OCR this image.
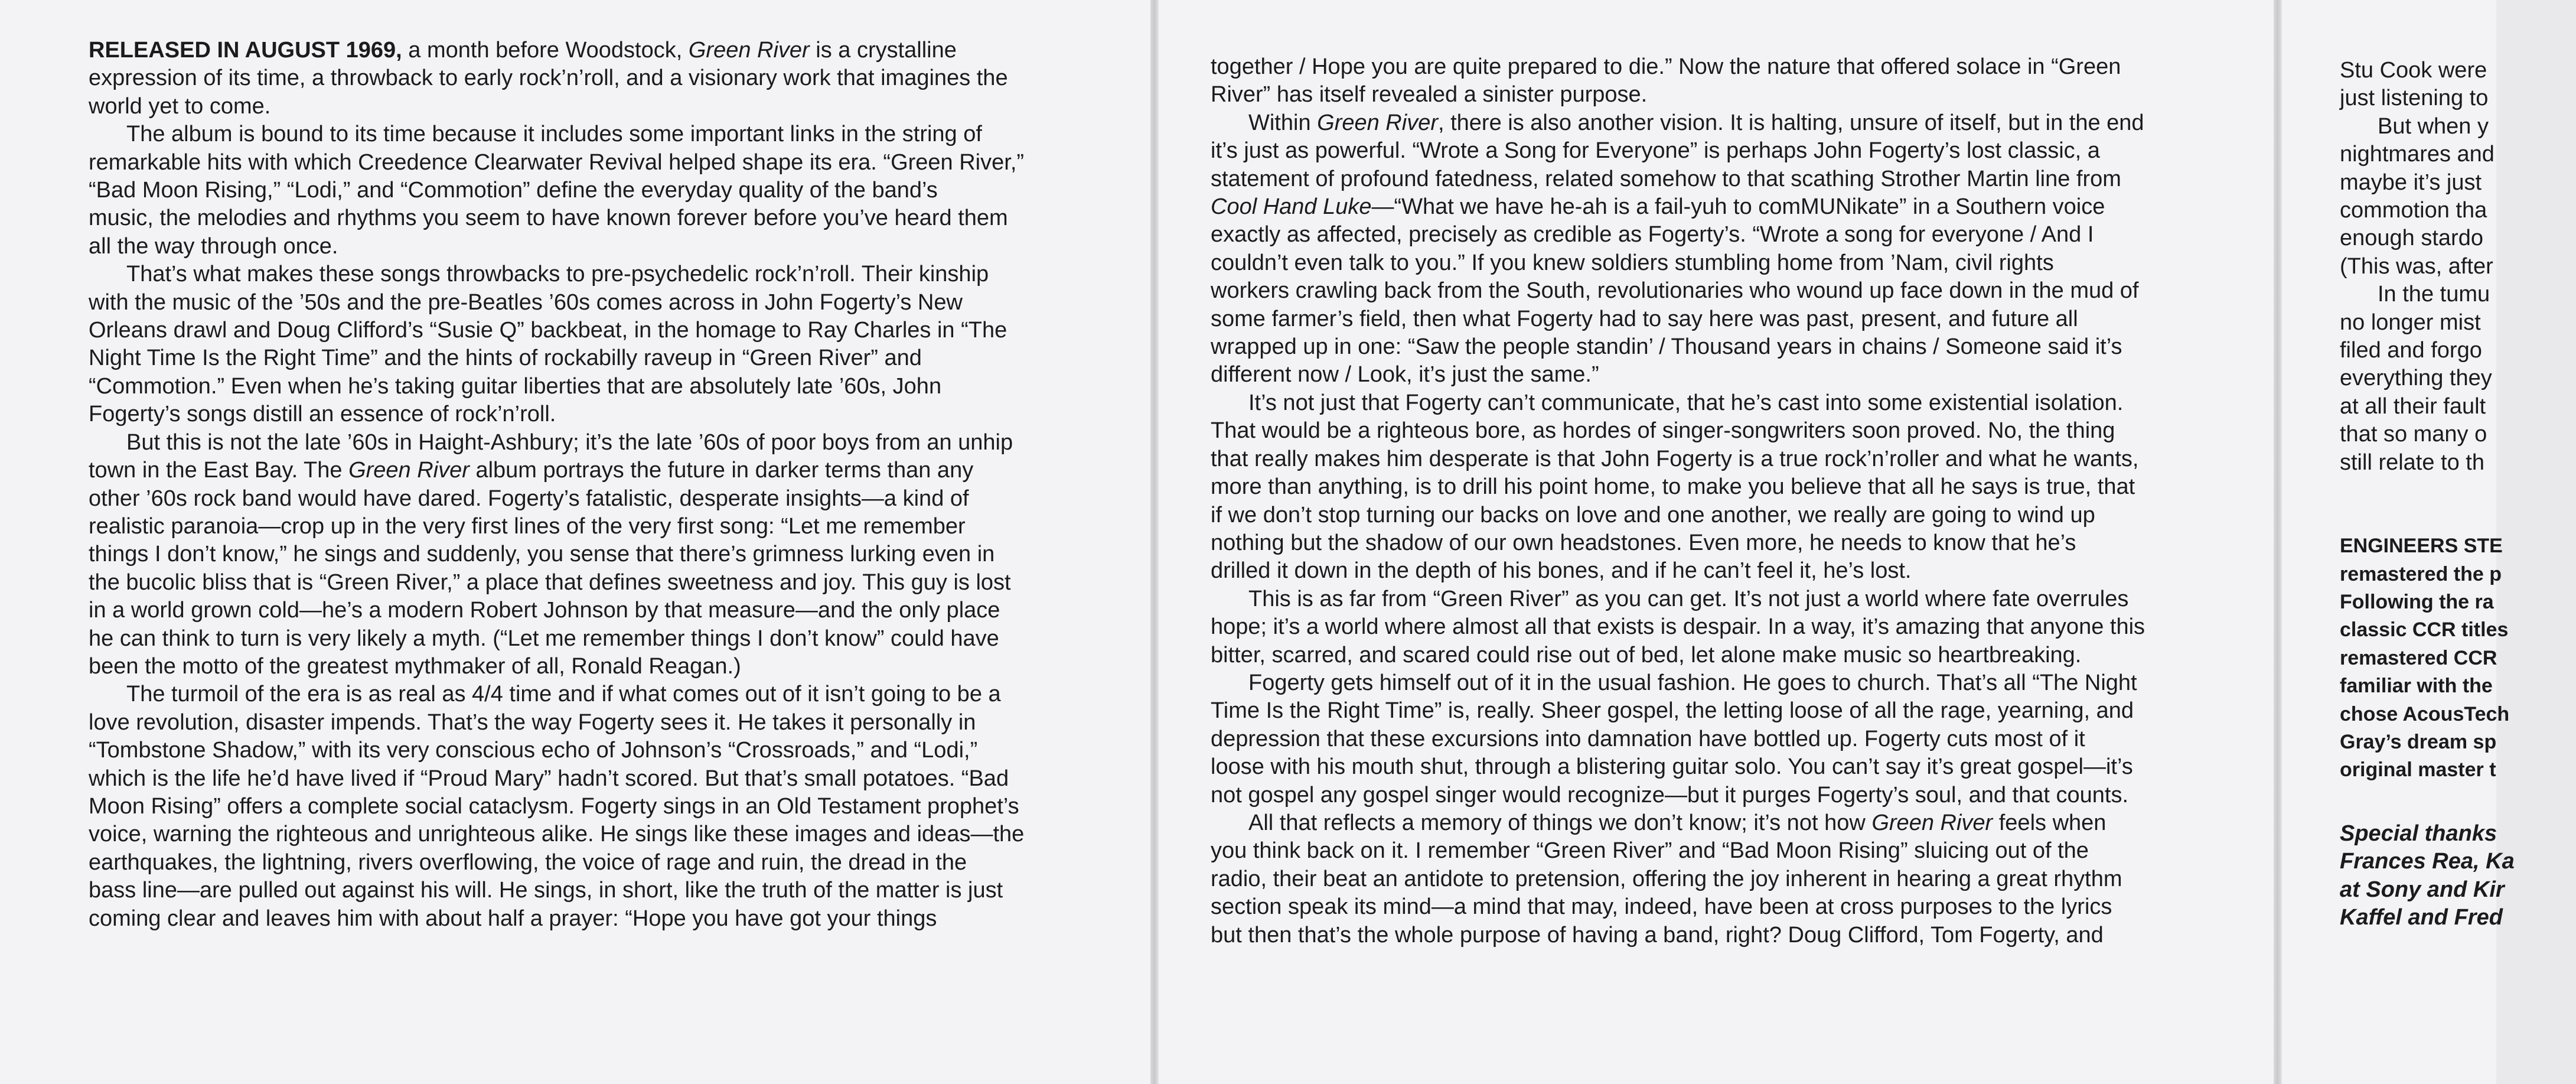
RELEASED IN AUGUST 1969, a month before Woodstock, Green River is a crystalline
expression of its time, a throwback to early rock’n’roll, and a visionary work that imagines the
world yet to come.
The album is bound to its time because it includes some important links in the string of
remarkable hits with which Creedence Clearwater Revival helped shape its era. “Green River,”
“Bad Moon Rising,” “Lodi,” and “Commotion” define the everyday quality of the band’s
music, the melodies and rhythms you seem to have known forever before you’ve heard them
all the way through once.
That’s what makes these songs throwbacks to pre-psychedelic rock’n’roll. Their kinship
with the music of the ’50s and the pre-Beatles ’60s comes across in John Fogerty’s New
Orleans drawl and Doug Clifford’s “Susie Q” backbeat, in the homage to Ray Charles in “The
Night Time Is the Right Time” and the hints of rockabilly raveup in “Green River” and
“Commotion.” Even when he’s taking guitar liberties that are absolutely late ’60s, John
Fogerty’s songs distill an essence of rock’n’roll.
But this is not the late ’60s in Haight-Ashbury; it’s the late ’60s of poor boys from an unhip
town in the East Bay. The Green River album portrays the future in darker terms than any
other ’60s rock band would have dared. Fogerty’s fatalistic, desperate insights—a kind of
realistic paranoia—crop up in the very first lines of the very first song: “Let me remember
things I don’t know,” he sings and suddenly, you sense that there’s grimness lurking even in
the bucolic bliss that is “Green River,” a place that defines sweetness and joy. This guy is lost
in a world grown cold—he’s a modern Robert Johnson by that measure—and the only place
he can think to turn is very likely a myth. (“Let me remember things I don’t know” could have
been the motto of the greatest mythmaker of all, Ronald Reagan.)
The turmoil of the era is as real as 4/4 time and if what comes out of it isn’t going to be a
love revolution, disaster impends. That’s the way Fogerty sees it. He takes it personally in
“Tombstone Shadow,” with its very conscious echo of Johnson’s “Crossroads,” and “Lodi,”
which is the life he’d have lived if “Proud Mary” hadn’t scored. But that’s small potatoes. “Bad
Moon Rising” offers a complete social cataclysm. Fogerty sings in an Old Testament prophet’s
voice, warning the righteous and unrighteous alike. He sings like these images and ideas—the
earthquakes, the lightning, rivers overflowing, the voice of rage and ruin, the dread in the
bass line—are pulled out against his will. He sings, in short, like the truth of the matter is just
coming clear and leaves him with about half a prayer: “Hope you have got your things
together / Hope you are quite prepared to die.” Now the nature that offered solace in “Green
River” has itself revealed a sinister purpose.
Within Green River, there is also another vision. It is halting, unsure of itself, but in the end
it’s just as powerful. “Wrote a Song for Everyone” is perhaps John Fogerty’s lost classic, a
statement of profound fatedness, related somehow to that scathing Strother Martin line from
Cool Hand Luke—“What we have he-ah is a fail-yuh to comMUNikate” in a Southern voice
exactly as affected, precisely as credible as Fogerty’s. “Wrote a song for everyone / And I
couldn’t even talk to you.” If you knew soldiers stumbling home from ’Nam, civil rights
workers crawling back from the South, revolutionaries who wound up face down in the mud of
some farmer’s field, then what Fogerty had to say here was past, present, and future all
wrapped up in one: “Saw the people standin’ / Thousand years in chains / Someone said it’s
different now / Look, it’s just the same.”
It’s not just that Fogerty can’t communicate, that he’s cast into some existential isolation.
That would be a righteous bore, as hordes of singer-songwriters soon proved. No, the thing
that really makes him desperate is that John Fogerty is a true rock’n’roller and what he wants,
more than anything, is to drill his point home, to make you believe that all he says is true, that
if we don’t stop turning our backs on love and one another, we really are going to wind up
nothing but the shadow of our own headstones. Even more, he needs to know that he’s
drilled it down in the depth of his bones, and if he can’t feel it, he’s lost.
This is as far from “Green River” as you can get. It’s not just a world where fate overrules
hope; it’s a world where almost all that exists is despair. In a way, it’s amazing that anyone this
bitter, scarred, and scared could rise out of bed, let alone make music so heartbreaking.
Fogerty gets himself out of it in the usual fashion. He goes to church. That’s all “The Night
Time Is the Right Time” is, really. Sheer gospel, the letting loose of all the rage, yearning, and
depression that these excursions into damnation have bottled up. Fogerty cuts most of it
loose with his mouth shut, through a blistering guitar solo. You can’t say it’s great gospel—it’s
not gospel any gospel singer would recognize—but it purges Fogerty’s soul, and that counts.
All that reflects a memory of things we don’t know; it’s not how Green River feels when
you think back on it. I remember “Green River” and “Bad Moon Rising” sluicing out of the
radio, their beat an antidote to pretension, offering the joy inherent in hearing a great rhythm
section speak its mind—a mind that may, indeed, have been at cross purposes to the lyrics
but then that’s the whole purpose of having a band, right? Doug Clifford, Tom Fogerty, and
Stu Cook were
just listening to
But when y
nightmares and
maybe it’s just
commotion tha
enough stardo
(This was, after
In the tumu
no longer mist
filed and forgo
everything they
at all their fault
that so many o
still relate to th
ENGINEERS STE
remastered the p
Following the ra
classic CCR titles
remastered CCR
familiar with the
chose AcousTech
Gray’s dream sp
original master t
Special thanks
Frances Rea, Ka
at Sony and Kir
Kaffel and Fred
